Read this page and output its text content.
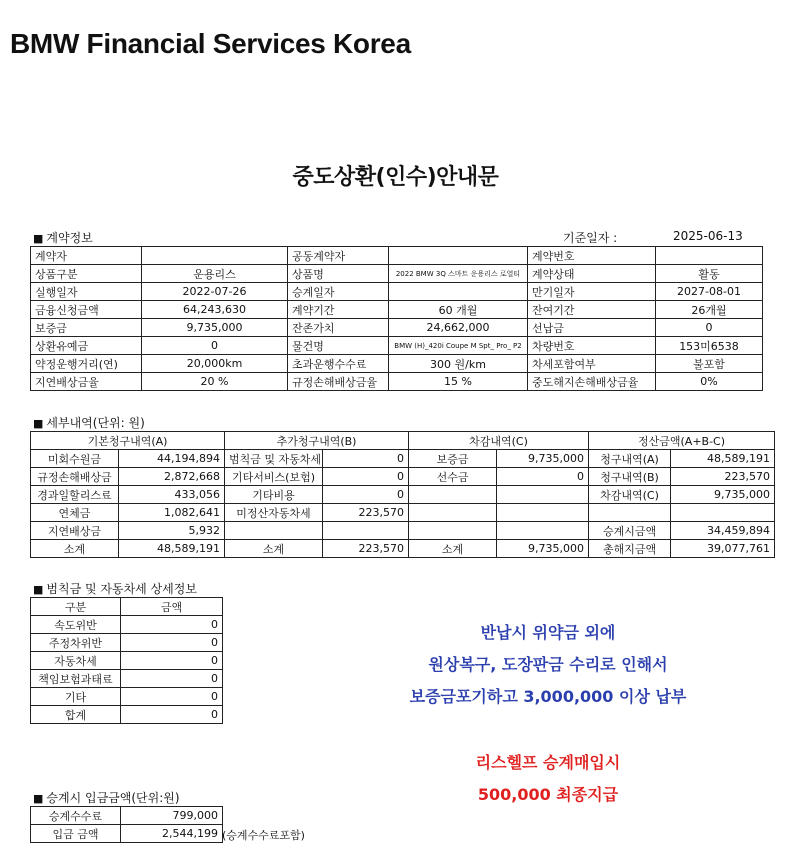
BMW Financial Services Korea
중도상환(인수)안내문
■ 계약정보	기준일자 :	2025-06-13
계약자		공동계약자		계약번호	
상품구분	운용리스	상품명	2022 BMW 3Q 스마트 운용리스 로열티	계약상태	활동
실행일자	2022-07-26	승계일자		만기일자	2027-08-01
금융신청금액	64,243,630	계약기간	60 개월	잔여기간	26개월
보증금	9,735,000	잔존가치	24,662,000	선납금	0
상환유예금	0	물건명	BMW (H)_420i Coupe M Spt_ Pro_ P2	차량번호	153미6538
약정운행거리(연)	20,000km	초과운행수수료	300 원/km	차세포함여부	불포함
지연배상금율	20 %	규정손해배상금율	15 %	중도해지손해배상금율	0%
■ 세부내역(단위: 원)
기본청구내역(A)		추가청구내역(B)		차감내역(C)		정산금액(A+B-C)	
미회수원금	44,194,894	범칙금 및 자동차세	0	보증금	9,735,000	청구내역(A)	48,589,191
규정손해배상금	2,872,668	기타서비스(보험)	0	선수금	0	청구내역(B)	223,570
경과일할리스료	433,056	기타비용	0			차감내역(C)	9,735,000
연체금	1,082,641	미정산자동차세	223,570				
지연배상금	5,932					승계시금액	34,459,894
소계	48,589,191	소계	223,570	소계	9,735,000	총해지금액	39,077,761
■ 범칙금 및 자동차세 상세정보
구분	금액
속도위반	0
주정차위반	0
자동차세	0
책임보험과태료	0
기타	0
합계	0
■ 승계시 입금금액(단위:원)
승계수수료	799,000
입금 금액	2,544,199 (승계수수료포함)
반납시 위약금 외에
원상복구, 도장판금 수리로 인해서
보증금포기하고 3,000,000 이상 납부
리스헬프 승계매입시
500,000 최종지급
